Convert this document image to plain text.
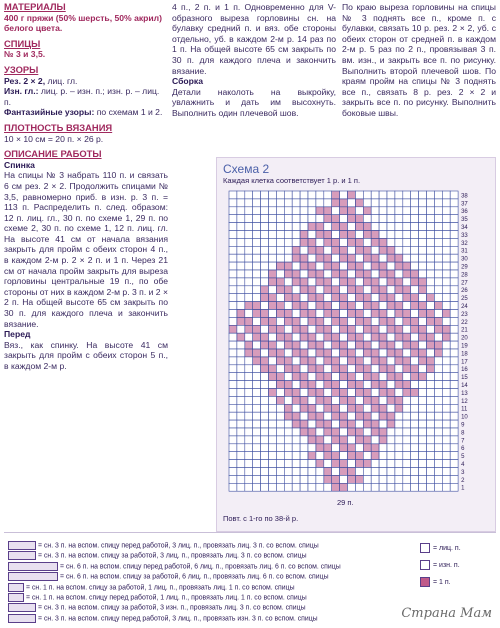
МАТЕРИАЛЫ

400 г пряжи (50% шерсть, 50% акрил) белого цвета.

СПИЦЫ

№ 3 и 3,5.

УЗОРЫ

Рез. 2 × 2, лиц. гл.

Изн. гл.: лиц. р. – изн. п.; изн. р. – лиц. п.

Фантазийные узоры: по схемам 1 и 2.

ПЛОТНОСТЬ ВЯЗАНИЯ

10 × 10 см = 20 п. × 26 р.

ОПИСАНИЕ РАБОТЫ
Спинка

На спицы № 3 набрать 110 п. и связать 6 см рез. 2 × 2. Продолжить спицами № 3,5, равномерно приб. в изн. р. 3 п. = 113 п. Распределить п. след. образом: 12 п. лиц. гл., 30 п. по схеме 1, 29 п. по схеме 2, 30 п. по схеме 1, 12 п. лиц. гл. На высоте 41 см от начала вязания закрыть для пройм с обеих сторон 4 п., в каждом 2-м р. 2 × 2 п. и 1 п. Через 21 см от начала пройм закрыть для выреза горловины центральные 19 п., по обе стороны от них в каждом 2-м р. 3 п. и 2 × 2 п. На общей высоте 65 см закрыть по 30 п. для каждого плеча и закончить вязание.

Перед

Вяз., как спинку. На высоте 41 см закрыть для пройм с обеих сторон 5 п., в каждом 2-м р.

4 п., 2 п. и 1 п. Одновременно для V-образного выреза горловины сн. на булавку средний п. и вяз. обе стороны отдельно, уб. в каждом 2-м р. 14 раз по 1 п. На общей высоте 65 см закрыть по 30 п. для каждого плеча и закончить вязание.

Сборка

Детали наколоть на выкройку, увлажнить и дать им высохнуть. Выполнить один плечевой шов.

По краю выреза горловины на спицы № 3 поднять все п., кроме п. с булавки, связать 10 р. рез. 2 × 2, уб. с обеих сторон от средней п. в каждом 2-м р. 5 раз по 2 п., провязывая 3 п. вм. изн., и закрыть все п. по рисунку. Выполнить второй плечевой шов. По краям пройм на спицы № 3 поднять все п., связать 8 р. рез. 2 × 2 и закрыть все п. по рисунку. Выполнить боковые швы.

Схема 2
Каждая клетка соответствует 1 р. и 1 п.
38
37
36
35
34
33
32
31
30
29
28
27
26
25
24
23
22
21
20
19
18
17
16
15
14
13
12
11
10
9
8
7
6
5
4
3
2
1
29 п.
Повт. с 1-го по 38-й р.
= сн. 3 п. на вспом. спицу перед работой, 3 лиц. п., провязать лиц. 3 п. со вспом. спицы
= сн. 3 п. на вспом. спицу за работой, 3 лиц. п., провязать лиц. 3 п. со вспом. спицы
= сн. 6 п. на вспом. спицу перед работой, 6 лиц. п., провязать лиц. 6 п. со вспом. спицы
= сн. 6 п. на вспом. спицу за работой, 6 лиц. п., провязать лиц. 6 п. со вспом. спицы
= сн. 1 п. на вспом. спицу за работой, 1 лиц. п., провязать лиц. 1 п. со вспом. спицы
= сн. 1 п. на вспом. спицу перед работой, 1 лиц. п., провязать лиц. 1 п. со вспом. спицы
= сн. 3 п. на вспом. спицу за работой, 3 изн. п., провязать лиц. 3 п. со вспом. спицы
= сн. 3 п. на вспом. спицу перед работой, 3 лиц. п., провязать изн. 3 п. со вспом. спицы
= лиц. п.
= изн. п.
= 1 п.
Страна Мам
